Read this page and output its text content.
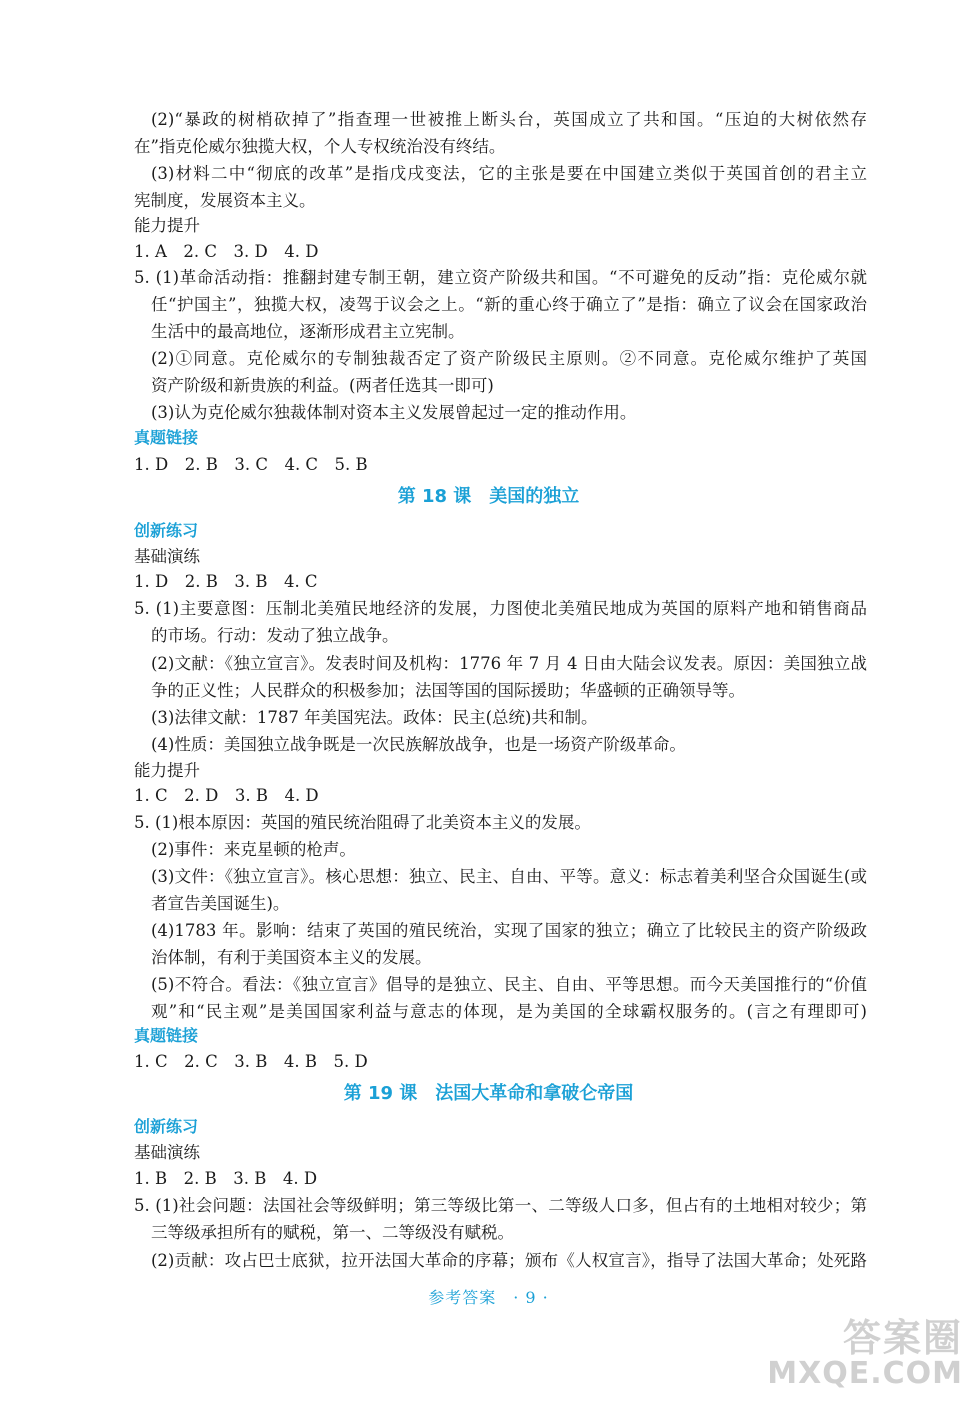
(2)“暴政的树梢砍掉了”指查理一世被推上断头台，英国成立了共和国。“压迫的大树依然存
在”指克伦威尔独揽大权，个人专权统治没有终结。
(3)材料二中“彻底的改革”是指戊戌变法，它的主张是要在中国建立类似于英国首创的君主立
宪制度，发展资本主义。
能力提升
1. A　2. C　3. D　4. D
5. (1)革命活动指：推翻封建专制王朝，建立资产阶级共和国。“不可避免的反动”指：克伦威尔就
任“护国主”，独揽大权，凌驾于议会之上。“新的重心终于确立了”是指：确立了议会在国家政治
生活中的最高地位，逐渐形成君主立宪制。
(2)①同意。克伦威尔的专制独裁否定了资产阶级民主原则。②不同意。克伦威尔维护了英国
资产阶级和新贵族的利益。(两者任选其一即可)
(3)认为克伦威尔独裁体制对资本主义发展曾起过一定的推动作用。
真题链接
1. D　2. B　3. C　4. C　5. B
第 18 课　美国的独立
创新练习
基础演练
1. D　2. B　3. B　4. C
5. (1)主要意图：压制北美殖民地经济的发展，力图使北美殖民地成为英国的原料产地和销售商品
的市场。行动：发动了独立战争。
(2)文献：《独立宣言》。发表时间及机构：1776 年 7 月 4 日由大陆会议发表。原因：美国独立战
争的正义性；人民群众的积极参加；法国等国的国际援助；华盛顿的正确领导等。
(3)法律文献：1787 年美国宪法。政体：民主(总统)共和制。
(4)性质：美国独立战争既是一次民族解放战争，也是一场资产阶级革命。
能力提升
1. C　2. D　3. B　4. D
5. (1)根本原因：英国的殖民统治阻碍了北美资本主义的发展。
(2)事件：来克星顿的枪声。
(3)文件：《独立宣言》。核心思想：独立、民主、自由、平等。意义：标志着美利坚合众国诞生(或
者宣告美国诞生)。
(4)1783 年。影响：结束了英国的殖民统治，实现了国家的独立；确立了比较民主的资产阶级政
治体制，有利于美国资本主义的发展。
(5)不符合。看法：《独立宣言》倡导的是独立、民主、自由、平等思想。而今天美国推行的“价值
观”和“民主观”是美国国家利益与意志的体现，是为美国的全球霸权服务的。(言之有理即可)
真题链接
1. C　2. C　3. B　4. B　5. D
第 19 课　法国大革命和拿破仑帝国
创新练习
基础演练
1. B　2. B　3. B　4. D
5. (1)社会问题：法国社会等级鲜明；第三等级比第一、二等级人口多，但占有的土地相对较少；第
三等级承担所有的赋税，第一、二等级没有赋税。
(2)贡献：攻占巴士底狱，拉开法国大革命的序幕；颁布《人权宣言》，指导了法国大革命；处死路
参考答案　· 9 ·
答案圈
MXQE.COM
